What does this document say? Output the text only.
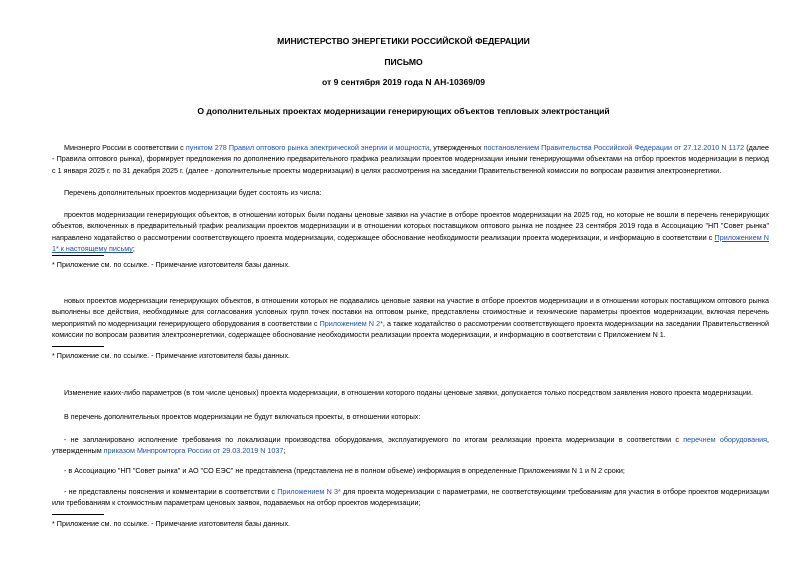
МИНИСТЕРСТВО ЭНЕРГЕТИКИ РОССИЙСКОЙ ФЕДЕРАЦИИ
ПИСЬМО
от 9 сентября 2019 года N АН-10369/09
О дополнительных проектах модернизации генерирующих объектов тепловых электростанций
Минэнерго России в соответствии с пунктом 278 Правил оптового рынка электрической энергии и мощности, утвержденных постановлением Правительства Российской Федерации от 27.12.2010 N 1172 (далее - Правила оптового рынка), формирует предложения по дополнению предварительного графика реализации проектов модернизации иными генерирующими объектами на отбор проектов модернизации в период с 1 января 2025 г. по 31 декабря 2025 г. (далее - дополнительные проекты модернизации) в целях рассмотрения на заседании Правительственной комиссии по вопросам развития электроэнергетики.
Перечень дополнительных проектов модернизации будет состоять из числа:
проектов модернизации генерирующих объектов, в отношении которых были поданы ценовые заявки на участие в отборе проектов модернизации на 2025 год, но которые не вошли в перечень генерирующих объектов, включенных в предварительный график реализации проектов модернизации и в отношении которых поставщиком оптового рынка не позднее 23 сентября 2019 года в Ассоциацию "НП "Совет рынка" направлено ходатайство о рассмотрении соответствующего проекта модернизации, содержащее обоснование необходимости реализации проекта модернизации, и информацию в соответствии с Приложением N 1* к настоящему письму;
* Приложение см. по ссылке. - Примечание изготовителя базы данных.
новых проектов модернизации генерирующих объектов, в отношении которых не подавались ценовые заявки на участие в отборе проектов модернизации и в отношении которых поставщиком оптового рынка выполнены все действия, необходимые для согласования условных групп точек поставки на оптовом рынке, представлены стоимостные и технические параметры проектов модернизации, включая перечень мероприятий по модернизации генерирующего оборудования в соответствии с Приложением N 2*, а также ходатайство о рассмотрении соответствующего проекта модернизации на заседании Правительственной комиссии по вопросам развития электроэнергетики, содержащее обоснование необходимости реализации проекта модернизации, и информацию в соответствии с Приложением N 1.
* Приложение см. по ссылке. - Примечание изготовителя базы данных.
Изменение каких-либо параметров (в том числе ценовых) проекта модернизации, в отношении которого поданы ценовые заявки, допускается только посредством заявления нового проекта модернизации.
В перечень дополнительных проектов модернизации не будут включаться проекты, в отношении которых:
- не запланировано исполнение требования по локализации производства оборудования, эксплуатируемого по итогам реализации проекта модернизации в соответствии с перечнем оборудования, утвержденным приказом Минпромторга России от 29.03.2019 N 1037;
- в Ассоциацию "НП "Совет рынка" и АО "СО ЕЭС" не представлена (представлена не в полном объеме) информация в определенные Приложениями N 1 и N 2 сроки;
- не представлены пояснения и комментарии в соответствии с Приложением N 3* для проекта модернизации с параметрами, не соответствующими требованиям для участия в отборе проектов модернизации или требованиям к стоимостным параметрам ценовых заявок, подаваемых на отбор проектов модернизации;
* Приложение см. по ссылке. - Примечание изготовителя базы данных.
